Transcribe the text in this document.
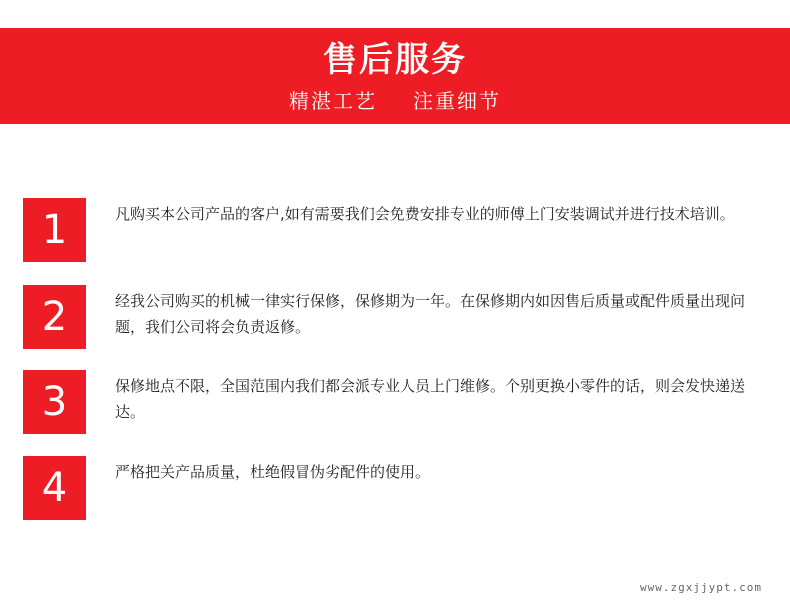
售后服务
精湛工艺 注重细节
1	凡购买本公司产品的客户,如有需要我们会免费安排专业的师傅上门安装调试并进行技术培训。
2	经我公司购买的机械一律实行保修，保修期为一年。在保修期内如因售后质量或配件质量出现问题，我们公司将会负责返修。
3	保修地点不限，全国范围内我们都会派专业人员上门维修。个别更换小零件的话，则会发快递送达。
4	严格把关产品质量，杜绝假冒伪劣配件的使用。
www.zgxjjypt.com
